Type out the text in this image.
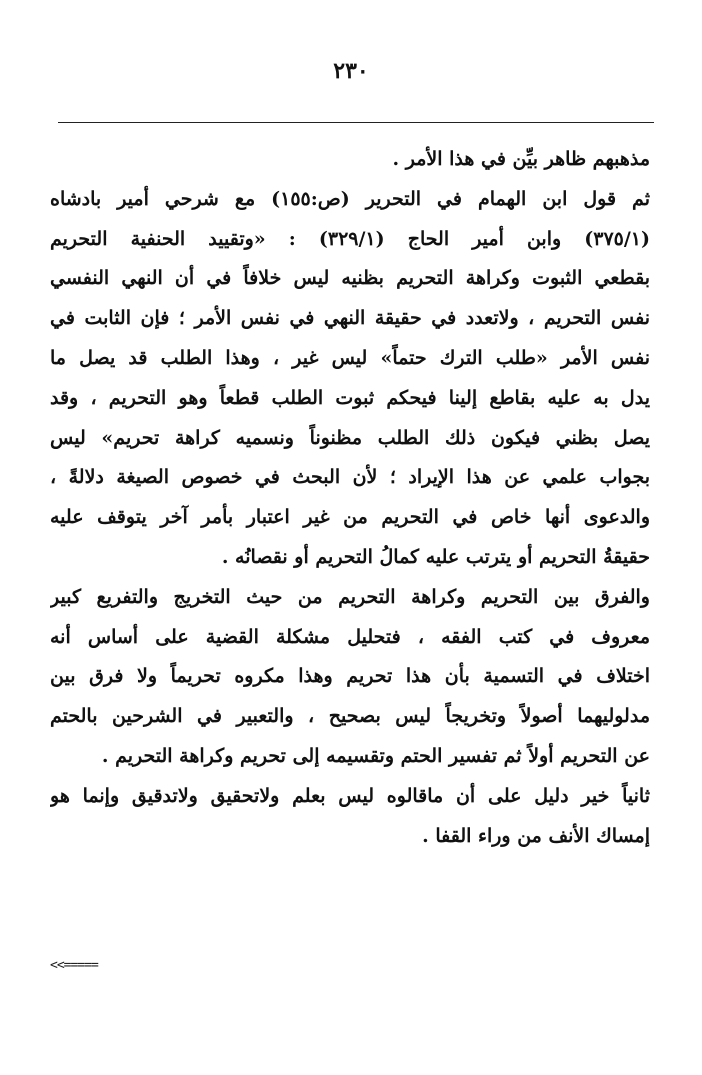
٢٣٠
مذهبهم ظاهر بيِّن في هذا الأمر .
ثم قول ابن الهمام في التحرير (ص:١٥٥) مع شرحي أمير بادشاه
(٣٧٥/١) وابن أمير الحاج (٣٢٩/١) : «وتقييد الحنفية التحريم
بقطعي الثبوت وكراهة التحريم بظنيه ليس خلافاً في أن النهي النفسي
نفس التحريم ، ولاتعدد في حقيقة النهي في نفس الأمر ؛ فإن الثابت في
نفس الأمر «طلب الترك حتماً» ليس غير ، وهذا الطلب قد يصل ما
يدل به عليه بقاطع إلينا فيحكم ثبوت الطلب قطعاً وهو التحريم ، وقد
يصل بظني فيكون ذلك الطلب مظنوناً ونسميه كراهة تحريم» ليس
بجواب علمي عن هذا الإيراد ؛ لأن البحث في خصوص الصيغة دلالةً ،
والدعوى أنها خاص في التحريم من غير اعتبار بأمر آخر يتوقف عليه
حقيقةُ التحريم أو يترتب عليه كمالُ التحريم أو نقصانُه .
والفرق بين التحريم وكراهة التحريم من حيث التخريج والتفريع كبير
معروف في كتب الفقه ، فتحليل مشكلة القضية على أساس أنه
اختلاف في التسمية بأن هذا تحريم وهذا مكروه تحريماً ولا فرق بين
مدلوليهما أصولاً وتخريجاً ليس بصحيح ، والتعبير في الشرحين بالحتم
عن التحريم أولاً ثم تفسير الحتم وتقسيمه إلى تحريم وكراهة التحريم .
ثانياً خير دليل على أن ماقالوه ليس بعلم ولاتحقيق ولاتدقيق وإنما هو
إمساك الأنف من وراء القفا .
<<=====
